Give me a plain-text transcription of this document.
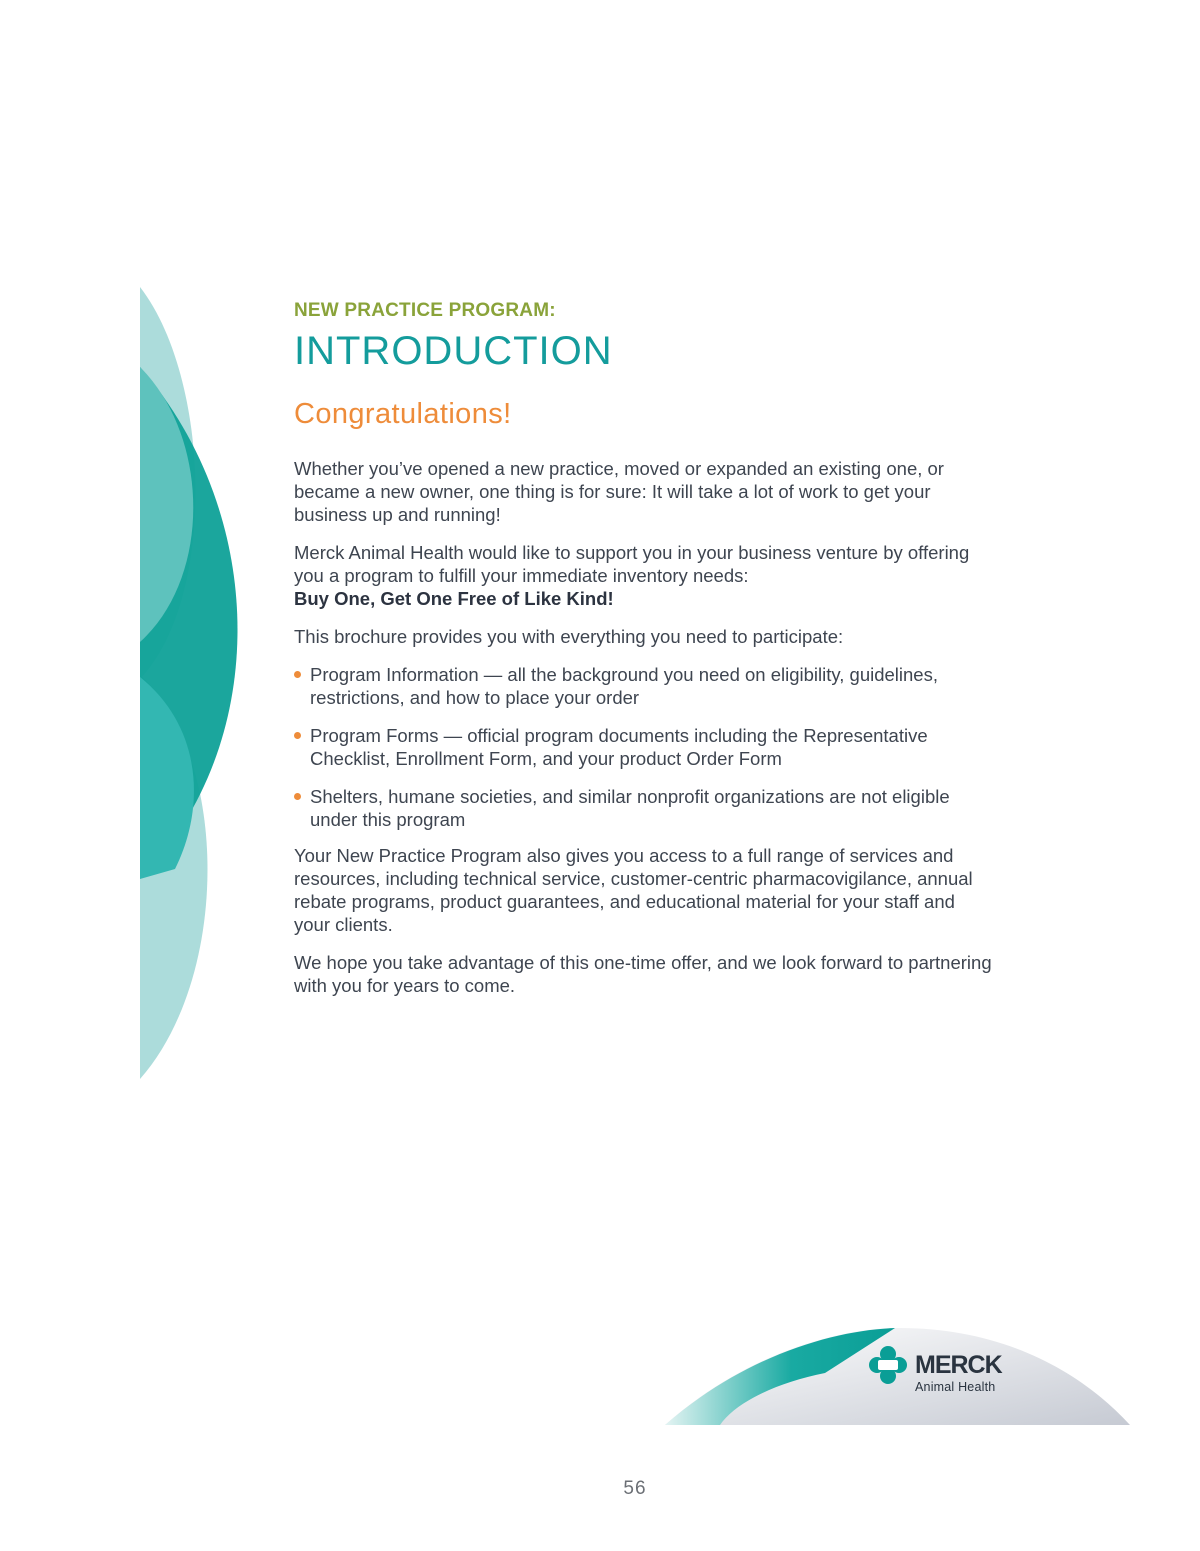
NEW PRACTICE PROGRAM:

INTRODUCTION
Congratulations!

Whether you’ve opened a new practice, moved or expanded an existing one, or became a new owner, one thing is for sure: It will take a lot of work to get your business up and running!

Merck Animal Health would like to support you in your business venture by offering you a program to fulfill your immediate inventory needs:
Buy One, Get One Free of Like Kind!

This brochure provides you with everything you need to participate:

Program Information — all the background you need on eligibility, guidelines, restrictions, and how to place your order
Program Forms — official program documents including the Representative Checklist, Enrollment Form, and your product Order Form
Shelters, humane societies, and similar nonprofit organizations are not eligible under this program

Your New Practice Program also gives you access to a full range of services and resources, including technical service, customer-centric pharmacovigilance, annual rebate programs, product guarantees, and educational material for your staff and your clients.

We hope you take advantage of this one-time offer, and we look forward to partnering with you for years to come.

MERCK
Animal Health
56
